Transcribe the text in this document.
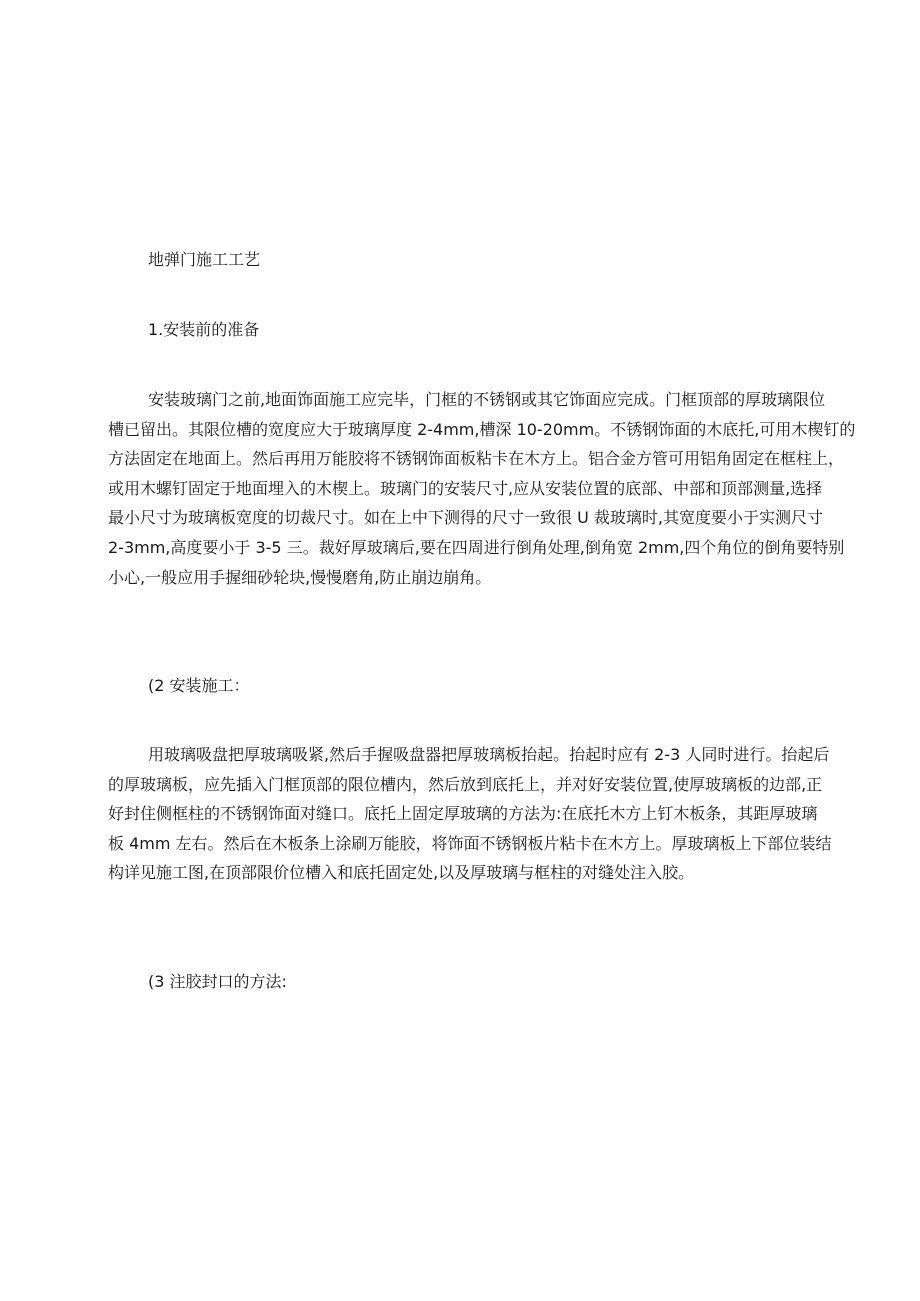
地弹门施工工艺

1.安装前的准备

安装玻璃门之前,地面饰面施工应完毕，门框的不锈钢或其它饰面应完成。门框顶部的厚玻璃限位
槽已留出。其限位槽的宽度应大于玻璃厚度 2-4mm,槽深 10-20mm。不锈钢饰面的木底托,可用木楔钉的
方法固定在地面上。然后再用万能胶将不锈钢饰面板粘卡在木方上。铝合金方管可用铝角固定在框柱上，
或用木螺钉固定于地面埋入的木楔上。玻璃门的安装尺寸,应从安装位置的底部、中部和顶部测量,选择
最小尺寸为玻璃板宽度的切裁尺寸。如在上中下测得的尺寸一致很 U 裁玻璃时,其宽度要小于实测尺寸
2-3mm,高度要小于 3-5 三。裁好厚玻璃后,要在四周进行倒角处理,倒角宽 2mm,四个角位的倒角要特别
小心,一般应用手握细砂轮块,慢慢磨角,防止崩边崩角。

(2 安装施工：

用玻璃吸盘把厚玻璃吸紧,然后手握吸盘器把厚玻璃板抬起。抬起时应有 2-3 人同时进行。抬起后
的厚玻璃板，应先插入门框顶部的限位槽内，然后放到底托上，并对好安装位置,使厚玻璃板的边部,正
好封住侧框柱的不锈钢饰面对缝口。底托上固定厚玻璃的方法为:在底托木方上钉木板条，其距厚玻璃
板 4mm 左右。然后在木板条上涂刷万能胶，将饰面不锈钢板片粘卡在木方上。厚玻璃板上下部位装结
构详见施工图,在顶部限价位槽入和底托固定处,以及厚玻璃与框柱的对缝处注入胶。

(3 注胶封口的方法:
